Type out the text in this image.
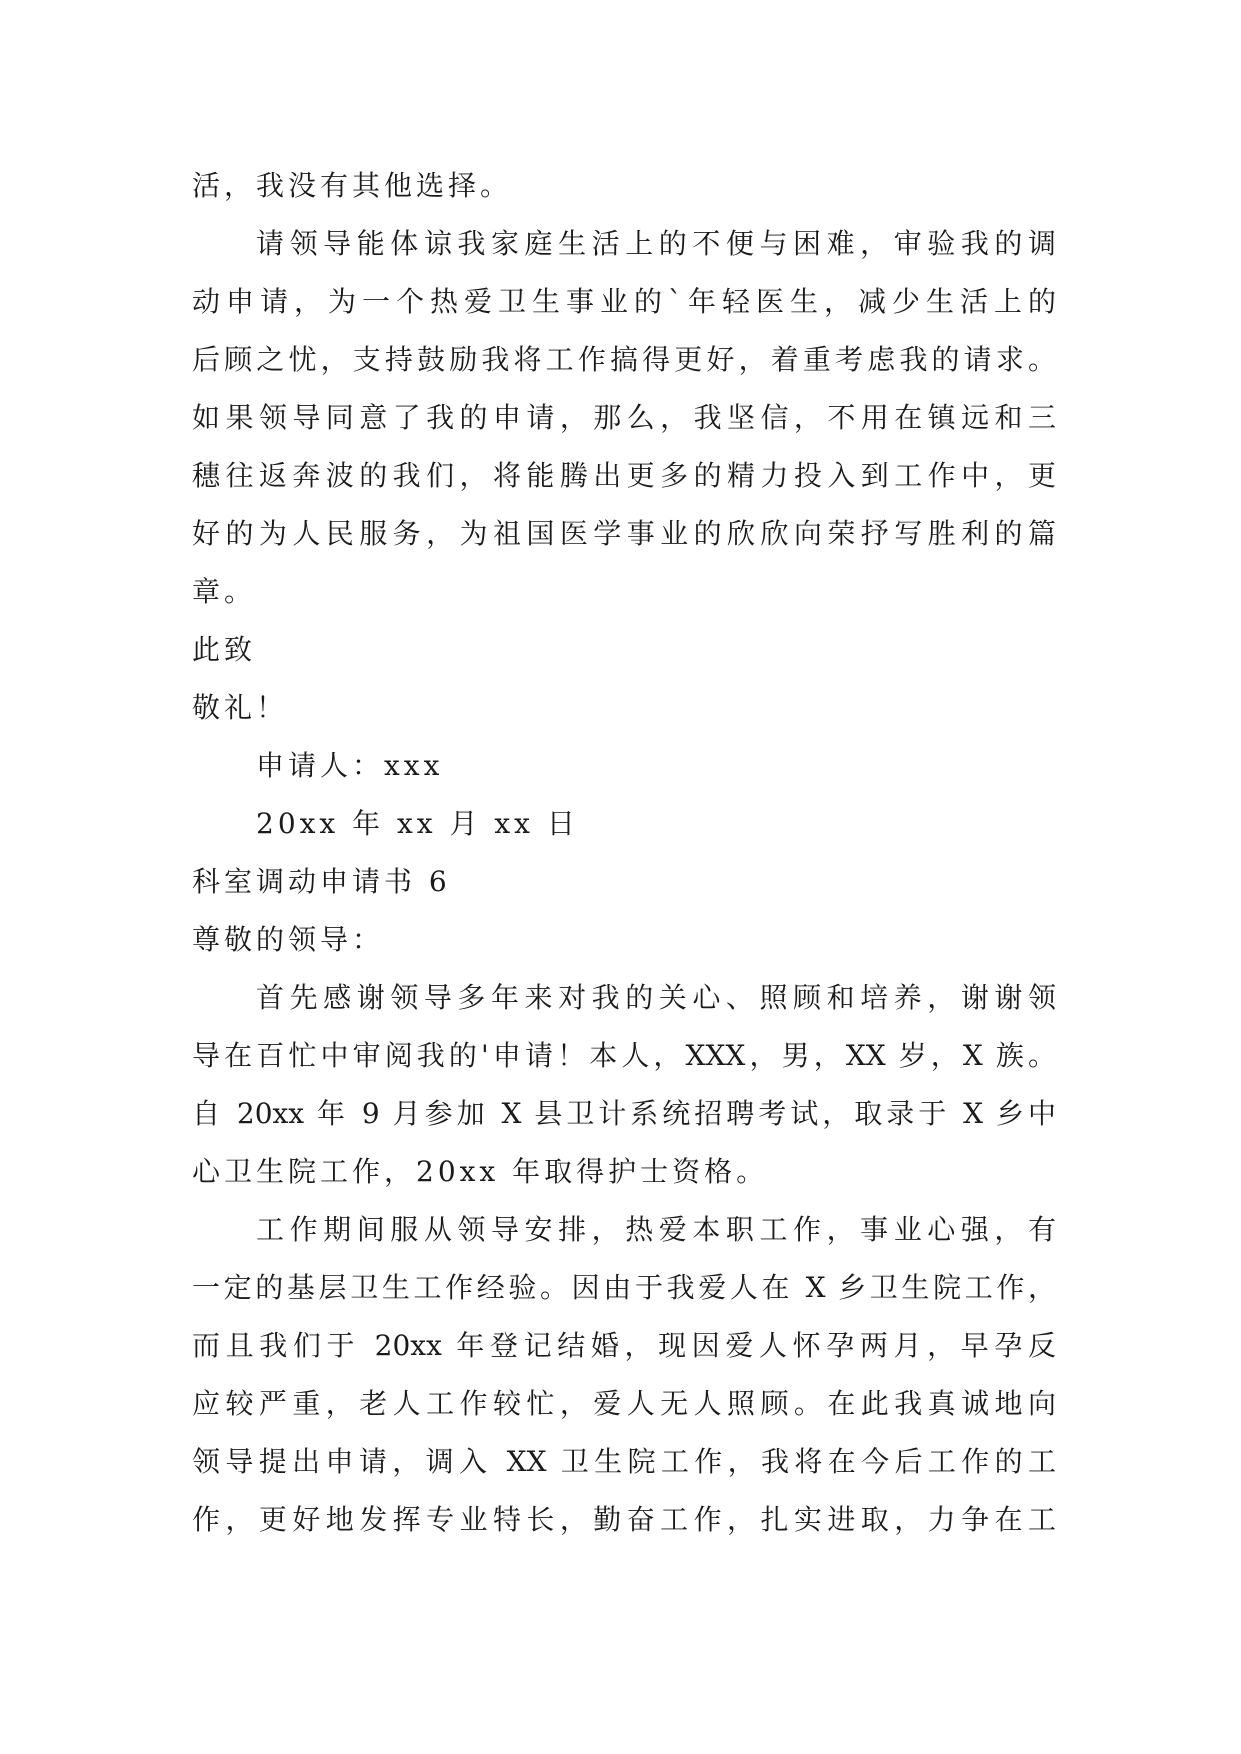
活，我没有其他选择。
请领导能体谅我家庭生活上的不便与困难，审验我的调
动申请，为一个热爱卫生事业的`年轻医生，减少生活上的
后顾之忧，支持鼓励我将工作搞得更好，着重考虑我的请求。
如果领导同意了我的申请，那么，我坚信，不用在镇远和三
穗往返奔波的我们，将能腾出更多的精力投入到工作中，更
好的为人民服务，为祖国医学事业的欣欣向荣抒写胜利的篇
章。
此致
敬礼！
申请人：xxx
20xx 年 xx 月 xx 日
科室调动申请书 6
尊敬的领导：
首先感谢领导多年来对我的关心、照顾和培养，谢谢领
导在百忙中审阅我的'申请！本人，XXX，男，XX 岁，X 族。
自 20xx 年 9 月参加 X 县卫计系统招聘考试，取录于 X 乡中
心卫生院工作，20xx 年取得护士资格。
工作期间服从领导安排，热爱本职工作，事业心强，有
一定的基层卫生工作经验。因由于我爱人在 X 乡卫生院工作，
而且我们于 20xx 年登记结婚，现因爱人怀孕两月，早孕反
应较严重，老人工作较忙，爱人无人照顾。在此我真诚地向
领导提出申请，调入 XX 卫生院工作，我将在今后工作的工
作，更好地发挥专业特长，勤奋工作，扎实进取，力争在工
